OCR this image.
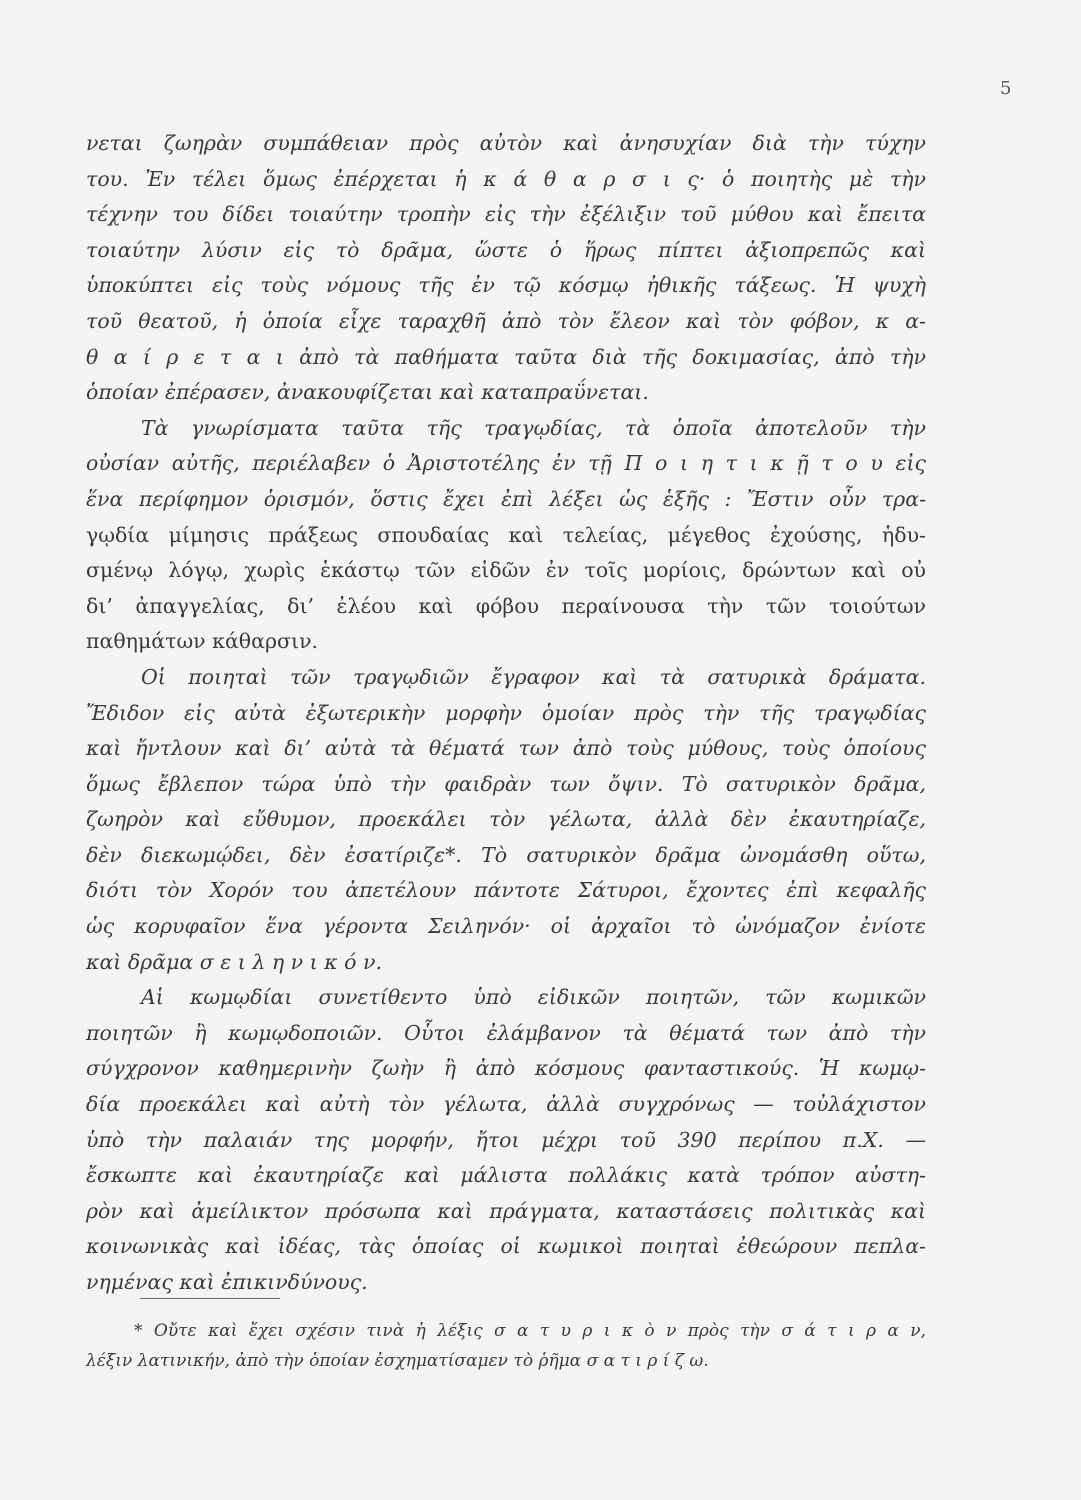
5
νεται ζωηρὰν συμπάθειαν πρὸς αὐτὸν καὶ ἀνησυχίαν διὰ τὴν τύχην
του. Ἐν τέλει ὅμως ἐπέρχεται ἡ κ ά θ α ρ σ ι ς· ὁ ποιητὴς μὲ τὴν
τέχνην του δίδει τοιαύτην τροπὴν εἰς τὴν ἐξέλιξιν τοῦ μύθου καὶ ἔπειτα
τοιαύτην λύσιν εἰς τὸ δρᾶμα, ὥστε ὁ ἥρως πίπτει ἀξιοπρεπῶς καὶ
ὑποκύπτει εἰς τοὺς νόμους τῆς ἐν τῷ κόσμῳ ἠθικῆς τάξεως. Ἡ ψυχὴ
τοῦ θεατοῦ, ἡ ὁποία εἶχε ταραχθῆ ἀπὸ τὸν ἔλεον καὶ τὸν φόβον, κ α-
θ α ί ρ ε τ α ι ἀπὸ τὰ παθήματα ταῦτα διὰ τῆς δοκιμασίας, ἀπὸ τὴν
ὁποίαν ἐπέρασεν, ἀνακουφίζεται καὶ καταπραΰνεται.
Τὰ γνωρίσματα ταῦτα τῆς τραγῳδίας, τὰ ὁποῖα ἀποτελοῦν τὴν
οὐσίαν αὐτῆς, περιέλαβεν ὁ Ἀριστοτέλης ἐν τῇ Π ο ι η τ ι κ ῇ τ ο υ εἰς
ἕνα περίφημον ὁρισμόν, ὅστις ἔχει ἐπὶ λέξει ὡς ἑξῆς : Ἔστιν οὖν τρα-
γῳδία μίμησις πράξεως σπουδαίας καὶ τελείας, μέγεθος ἐχούσης, ἡδυ-
σμένῳ λόγῳ, χωρὶς ἑκάστῳ τῶν εἰδῶν ἐν τοῖς μορίοις, δρώντων καὶ οὐ
δι’ ἀπαγγελίας, δι’ ἐλέου καὶ φόβου περαίνουσα τὴν τῶν τοιούτων
παθημάτων κάθαρσιν.
Οἱ ποιηταὶ τῶν τραγῳδιῶν ἔγραφον καὶ τὰ σατυρικὰ δράματα.
Ἔδιδον εἰς αὐτὰ ἐξωτερικὴν μορφὴν ὁμοίαν πρὸς τὴν τῆς τραγῳδίας
καὶ ἤντλουν καὶ δι’ αὐτὰ τὰ θέματά των ἀπὸ τοὺς μύθους, τοὺς ὁποίους
ὅμως ἔβλεπον τώρα ὑπὸ τὴν φαιδρὰν των ὄψιν. Τὸ σατυρικὸν δρᾶμα,
ζωηρὸν καὶ εὔθυμον, προεκάλει τὸν γέλωτα, ἀλλὰ δὲν ἐκαυτηρίαζε,
δὲν διεκωμῴδει, δὲν ἐσατίριζε*. Τὸ σατυρικὸν δρᾶμα ὠνομάσθη οὕτω,
διότι τὸν Χορόν του ἀπετέλουν πάντοτε Σάτυροι, ἔχοντες ἐπὶ κεφαλῆς
ὡς κορυφαῖον ἕνα γέροντα Σειληνόν· οἱ ἀρχαῖοι τὸ ὠνόμαζον ἐνίοτε
καὶ δρᾶμα σ ε ι λ η ν ι κ ό ν.
Αἱ κωμῳδίαι συνετίθεντο ὑπὸ εἰδικῶν ποιητῶν, τῶν κωμικῶν
ποιητῶν ἢ κωμῳδοποιῶν. Οὗτοι ἐλάμβανον τὰ θέματά των ἀπὸ τὴν
σύγχρονον καθημερινὴν ζωὴν ἢ ἀπὸ κόσμους φανταστικούς. Ἡ κωμῳ-
δία προεκάλει καὶ αὐτὴ τὸν γέλωτα, ἀλλὰ συγχρόνως — τοὐλάχιστον
ὑπὸ τὴν παλαιάν της μορφήν, ἤτοι μέχρι τοῦ 390 περίπου π.Χ. —
ἔσκωπτε καὶ ἐκαυτηρίαζε καὶ μάλιστα πολλάκις κατὰ τρόπον αὐστη-
ρὸν καὶ ἀμείλικτον πρόσωπα καὶ πράγματα, καταστάσεις πολιτικὰς καὶ
κοινωνικὰς καὶ ἰδέας, τὰς ὁποίας οἱ κωμικοὶ ποιηταὶ ἐθεώρουν πεπλα-
νημένας καὶ ἐπικινδύνους.
* Οὔτε καὶ ἔχει σχέσιν τινὰ ἡ λέξις σ α τ υ ρ ι κ ὸ ν πρὸς τὴν σ ά τ ι ρ α ν,
λέξιν λατινικήν, ἀπὸ τὴν ὁποίαν ἐσχηματίσαμεν τὸ ῥῆμα σ α τ ι ρ ί ζ ω.
